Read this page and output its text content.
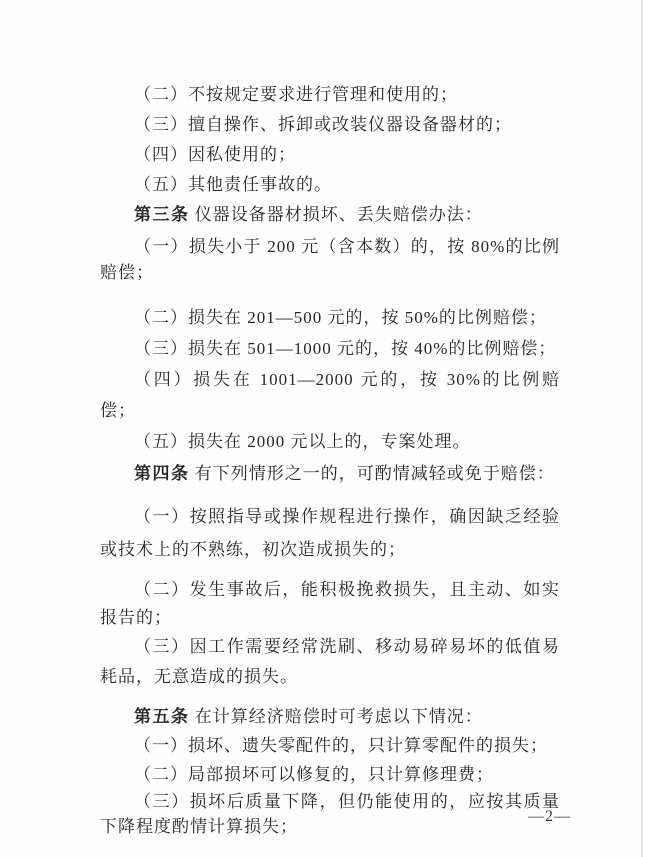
（二）不按规定要求进行管理和使用的；

（三）擅自操作、拆卸或改装仪器设备器材的；

（四）因私使用的；

（五）其他责任事故的。

第三条 仪器设备器材损坏、丢失赔偿办法：

（一）损失小于 200 元（含本数）的，按 80%的比例赔偿；

（二）损失在 201—500 元的，按 50%的比例赔偿；

（三）损失在 501—1000 元的，按 40%的比例赔偿；

（四）损失在 1001—2000 元的，按 30%的比例赔偿；

（五）损失在 2000 元以上的，专案处理。

第四条 有下列情形之一的，可酌情减轻或免于赔偿：

（一）按照指导或操作规程进行操作，确因缺乏经验或技术上的不熟练，初次造成损失的；

（二）发生事故后，能积极挽救损失，且主动、如实报告的；

（三）因工作需要经常洗刷、移动易碎易坏的低值易耗品，无意造成的损失。

第五条 在计算经济赔偿时可考虑以下情况：

（一）损坏、遗失零配件的，只计算零配件的损失；

（二）局部损坏可以修复的，只计算修理费；

（三）损坏后质量下降，但仍能使用的，应按其质量下降程度酌情计算损失；

—2—
